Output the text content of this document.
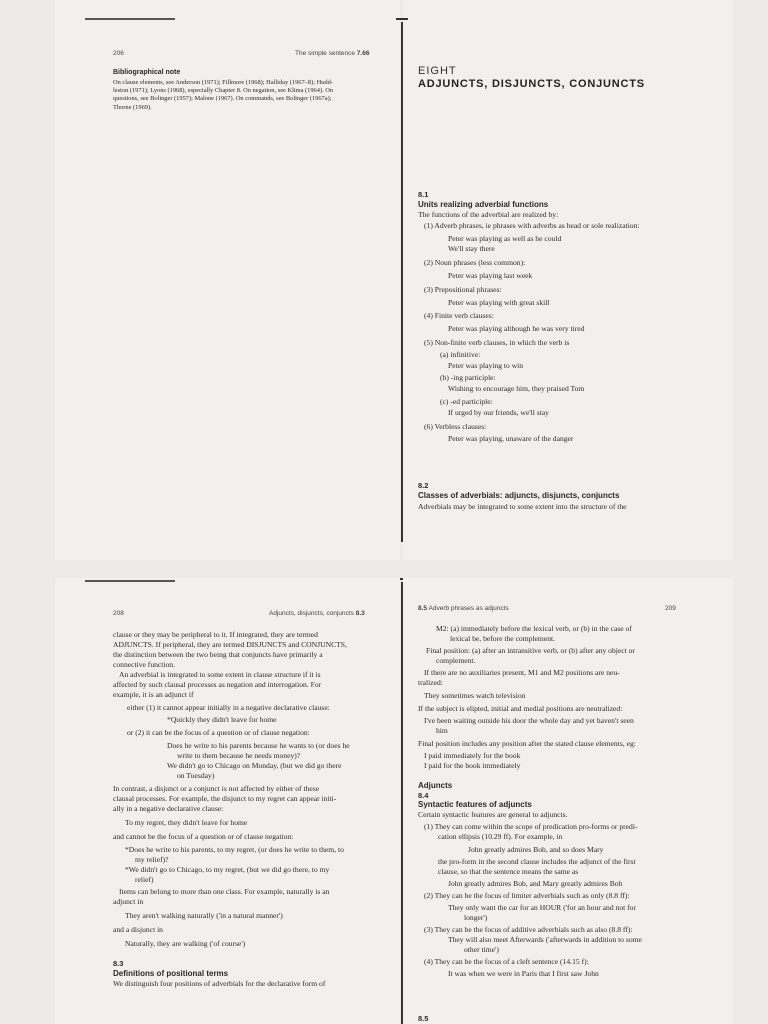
206	The simple sentence 7.66
Bibliographical note
On clause elements, see Anderson (1971); Fillmore (1968); Halliday (1967–8); Hudd-
leston (1971); Lyons (1968), especially Chapter 8. On negation, see Klima (1964). On
questions, see Bolinger (1957); Malone (1967). On commands, see Bolinger (1967a);
Thorne (1969).
EIGHT
ADJUNCTS, DISJUNCTS, CONJUNCTS
8.1
Units realizing adverbial functions
The functions of the adverbial are realized by:
(1) Adverb phrases, ie phrases with adverbs as head or sole realization:
Peter was playing as well as he could
We'll stay there
(2) Noun phrases (less common):
Peter was playing last week
(3) Prepositional phrases:
Peter was playing with great skill
(4) Finite verb clauses:
Peter was playing although he was very tired
(5) Non-finite verb clauses, in which the verb is
(a) infinitive:
Peter was playing to win
(b) -ing participle:
Wishing to encourage him, they praised Tom
(c) -ed participle:
If urged by our friends, we'll stay
(6) Verbless clauses:
Peter was playing, unaware of the danger
8.2
Classes of adverbials: adjuncts, disjuncts, conjuncts
Adverbials may be integrated to some extent into the structure of the
208	Adjuncts, disjuncts, conjuncts 8.3
clause or they may be peripheral to it. If integrated, they are termed
ADJUNCTS. If peripheral, they are termed DISJUNCTS and CONJUNCTS,
the distinction between the two being that conjuncts have primarily a
connective function.
An adverbial is integrated to some extent in clause structure if it is
affected by such clausal processes as negation and interrogation. For
example, it is an adjunct if
either (1) it cannot appear initially in a negative declarative clause:
*Quickly they didn't leave for home
or (2) it can be the focus of a question or of clause negation:
Does he write to his parents because he wants to (or does he
write to them because he needs money)?
We didn't go to Chicago on Monday, (but we did go there
on Tuesday)
In contrast, a disjunct or a conjunct is not affected by either of these
clausal processes. For example, the disjunct to my regret can appear initi-
ally in a negative declarative clause:
To my regret, they didn't leave for home
and cannot be the focus of a question or of clause negation:
*Does he write to his parents, to my regret, (or does he write to them, to
my relief)?
*We didn't go to Chicago, to my regret, (but we did go there, to my
relief)
Items can belong to more than one class. For example, naturally is an
adjunct in
They aren't walking naturally ('in a natural manner')
and a disjunct in
Naturally, they are walking ('of course')
8.3
Definitions of positional terms
We distinguish four positions of adverbials for the declarative form of
8.5 Adverb phrases as adjuncts	209
M2: (a) immediately before the lexical verb, or (b) in the case of
lexical be, before the complement.
Final position: (a) after an intransitive verb, or (b) after any object or
complement.
If there are no auxiliaries present, M1 and M2 positions are neu-
tralized:
They sometimes watch television
If the subject is elipted, initial and medial positions are neutralized:
I've been waiting outside his door the whole day and yet haven't seen
him
Final position includes any position after the stated clause elements, eg:
I paid immediately for the book
I paid for the book immediately
Adjuncts
8.4
Syntactic features of adjuncts
Certain syntactic features are general to adjuncts.
(1) They can come within the scope of predication pro-forms or predi-
cation ellipsis (10.29 ff). For example, in
John greatly admires Bob, and so does Mary
the pro-form in the second clause includes the adjunct of the first
clause, so that the sentence means the same as
John greatly admires Bob, and Mary greatly admires Bob
(2) They can be the focus of limiter adverbials such as only (8.8 ff):
They only want the car for an HOUR ('for an hour and not for
longer')
(3) They can be the focus of additive adverbials such as also (8.8 ff):
They will also meet Afterwards ('afterwards in addition to some
other time')
(4) They can be the focus of a cleft sentence (14.15 f):
It was when we were in Paris that I first saw John
8.5
